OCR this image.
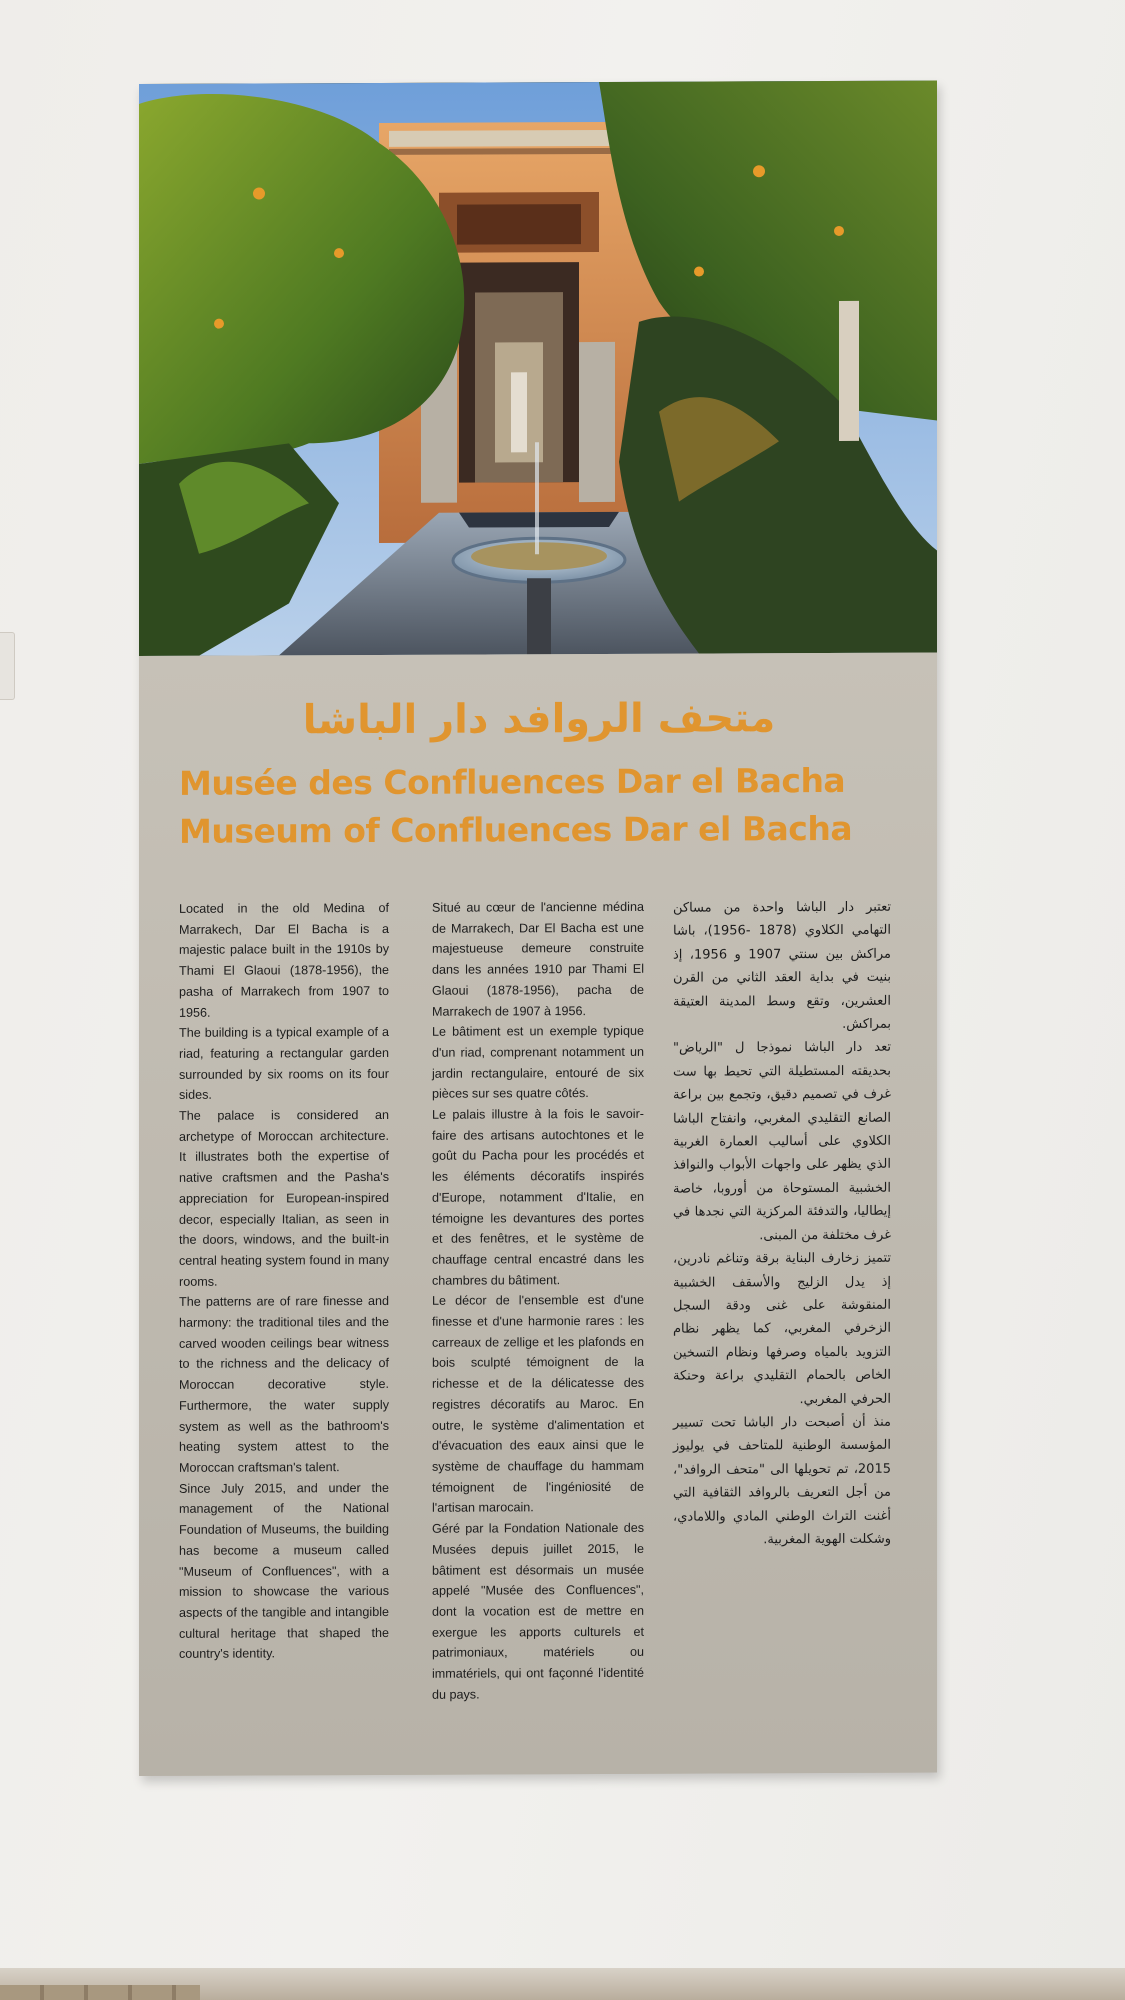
متحف الروافد دار الباشا
Musée des Confluences Dar el Bacha
Museum of Confluences Dar el Bacha

Located in the old Medina of Marrakech, Dar El Bacha is a majestic palace built in the 1910s by Thami El Glaoui (1878-1956), the pasha of Marrakech from 1907 to 1956.

The building is a typical example of a riad, featuring a rectangular garden surrounded by six rooms on its four sides.

The palace is considered an archetype of Moroccan architecture. It illustrates both the expertise of native craftsmen and the Pasha's appreciation for European-inspired decor, especially Italian, as seen in the doors, windows, and the built-in central heating system found in many rooms.

The patterns are of rare finesse and harmony: the traditional tiles and the carved wooden ceilings bear witness to the richness and the delicacy of Moroccan decorative style. Furthermore, the water supply system as well as the bathroom's heating system attest to the Moroccan craftsman's talent.

Since July 2015, and under the management of the National Foundation of Museums, the building has become a museum called "Museum of Confluences", with a mission to showcase the various aspects of the tangible and intangible cultural heritage that shaped the country's identity.

Situé au cœur de l'ancienne médina de Marrakech, Dar El Bacha est une majestueuse demeure construite dans les années 1910 par Thami El Glaoui (1878-1956), pacha de Marrakech de 1907 à 1956.

Le bâtiment est un exemple typique d'un riad, comprenant notamment un jardin rectangulaire, entouré de six pièces sur ses quatre côtés.

Le palais illustre à la fois le savoir-faire des artisans autochtones et le goût du Pacha pour les procédés et les éléments décoratifs inspirés d'Europe, notamment d'Italie, en témoigne les devantures des portes et des fenêtres, et le système de chauffage central encastré dans les chambres du bâtiment.

Le décor de l'ensemble est d'une finesse et d'une harmonie rares : les carreaux de zellige et les plafonds en bois sculpté témoignent de la richesse et de la délicatesse des registres décoratifs au Maroc. En outre, le système d'alimentation et d'évacuation des eaux ainsi que le système de chauffage du hammam témoignent de l'ingéniosité de l'artisan marocain.

Géré par la Fondation Nationale des Musées depuis juillet 2015, le bâtiment est désormais un musée appelé "Musée des Confluences", dont la vocation est de mettre en exergue les apports culturels et patrimoniaux, matériels ou immatériels, qui ont façonné l'identité du pays.

تعتبر دار الباشا واحدة من مساكن التهامي الكلاوي (1878 -1956)، باشا مراكش بين سنتي 1907 و 1956، إذ بنيت في بداية العقد الثاني من القرن العشرين، وتقع وسط المدينة العتيقة بمراكش.

تعد دار الباشا نموذجا ل "الرياض" بحديقته المستطيلة التي تحيط بها ست غرف في تصميم دقيق، وتجمع بين براعة الصانع التقليدي المغربي، وانفتاح الباشا الكلاوي على أساليب العمارة الغربية الذي يظهر على واجهات الأبواب والنوافذ الخشبية المستوحاة من أوروبا، خاصة إيطاليا، والتدفئة المركزية التي نجدها في غرف مختلفة من المبنى.

تتميز زخارف البناية برقة وتناغم نادرين، إذ يدل الزليج والأسقف الخشبية المنقوشة على غنى ودقة السجل الزخرفي المغربي، كما يظهر نظام التزويد بالمياه وصرفها ونظام التسخين الخاص بالحمام التقليدي براعة وحنكة الحرفي المغربي.

منذ أن أصبحت دار الباشا تحت تسيير المؤسسة الوطنية للمتاحف في يوليوز 2015، تم تحويلها الى "متحف الروافد"، من أجل التعريف بالروافد الثقافية التي أغنت التراث الوطني المادي واللامادي، وشكلت الهوية المغربية.
